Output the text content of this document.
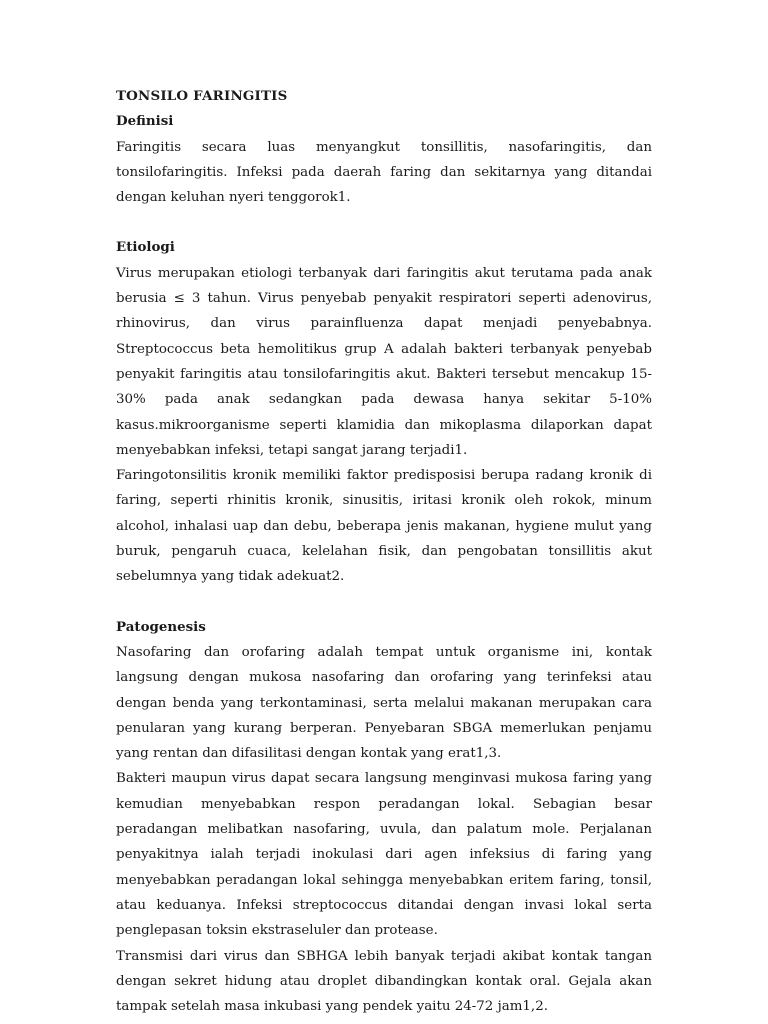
TONSILO FARINGITIS
Definisi

Faringitis secara luas menyangkut tonsillitis, nasofaringitis, dan tonsilofaringitis. Infeksi pada daerah faring dan sekitarnya yang ditandai dengan keluhan nyeri tenggorok1.

Etiologi

Virus merupakan etiologi terbanyak dari faringitis akut terutama pada anak berusia ≤ 3 tahun. Virus penyebab penyakit respiratori seperti adenovirus, rhinovirus, dan virus parainfluenza dapat menjadi penyebabnya. Streptococcus beta hemolitikus grup A adalah bakteri terbanyak penyebab penyakit faringitis atau tonsilofaringitis akut. Bakteri tersebut mencakup 15-30% pada anak sedangkan pada dewasa hanya sekitar 5-10% kasus.mikroorganisme seperti klamidia dan mikoplasma dilaporkan dapat menyebabkan infeksi, tetapi sangat jarang terjadi1.

Faringotonsilitis kronik memiliki faktor predisposisi berupa radang kronik di faring, seperti rhinitis kronik, sinusitis, iritasi kronik oleh rokok, minum alcohol, inhalasi uap dan debu, beberapa jenis makanan, hygiene mulut yang buruk, pengaruh cuaca, kelelahan fisik, dan pengobatan tonsillitis akut sebelumnya yang tidak adekuat2.

Patogenesis

Nasofaring dan orofaring adalah tempat untuk organisme ini, kontak langsung dengan mukosa nasofaring dan orofaring yang terinfeksi atau dengan benda yang terkontaminasi, serta melalui makanan merupakan cara penularan yang kurang berperan. Penyebaran SBGA memerlukan penjamu yang rentan dan difasilitasi dengan kontak yang erat1,3.

Bakteri maupun virus dapat secara langsung menginvasi mukosa faring yang kemudian menyebabkan respon peradangan lokal. Sebagian besar peradangan melibatkan nasofaring, uvula, dan palatum mole. Perjalanan penyakitnya ialah terjadi inokulasi dari agen infeksius di faring yang menyebabkan peradangan lokal sehingga menyebabkan eritem faring, tonsil, atau keduanya. Infeksi streptococcus ditandai dengan invasi lokal serta penglepasan toksin ekstraseluler dan protease.

Transmisi dari virus dan SBHGA lebih banyak terjadi akibat kontak tangan dengan sekret hidung atau droplet dibandingkan kontak oral. Gejala akan tampak setelah masa inkubasi yang pendek yaitu 24-72 jam1,2.
